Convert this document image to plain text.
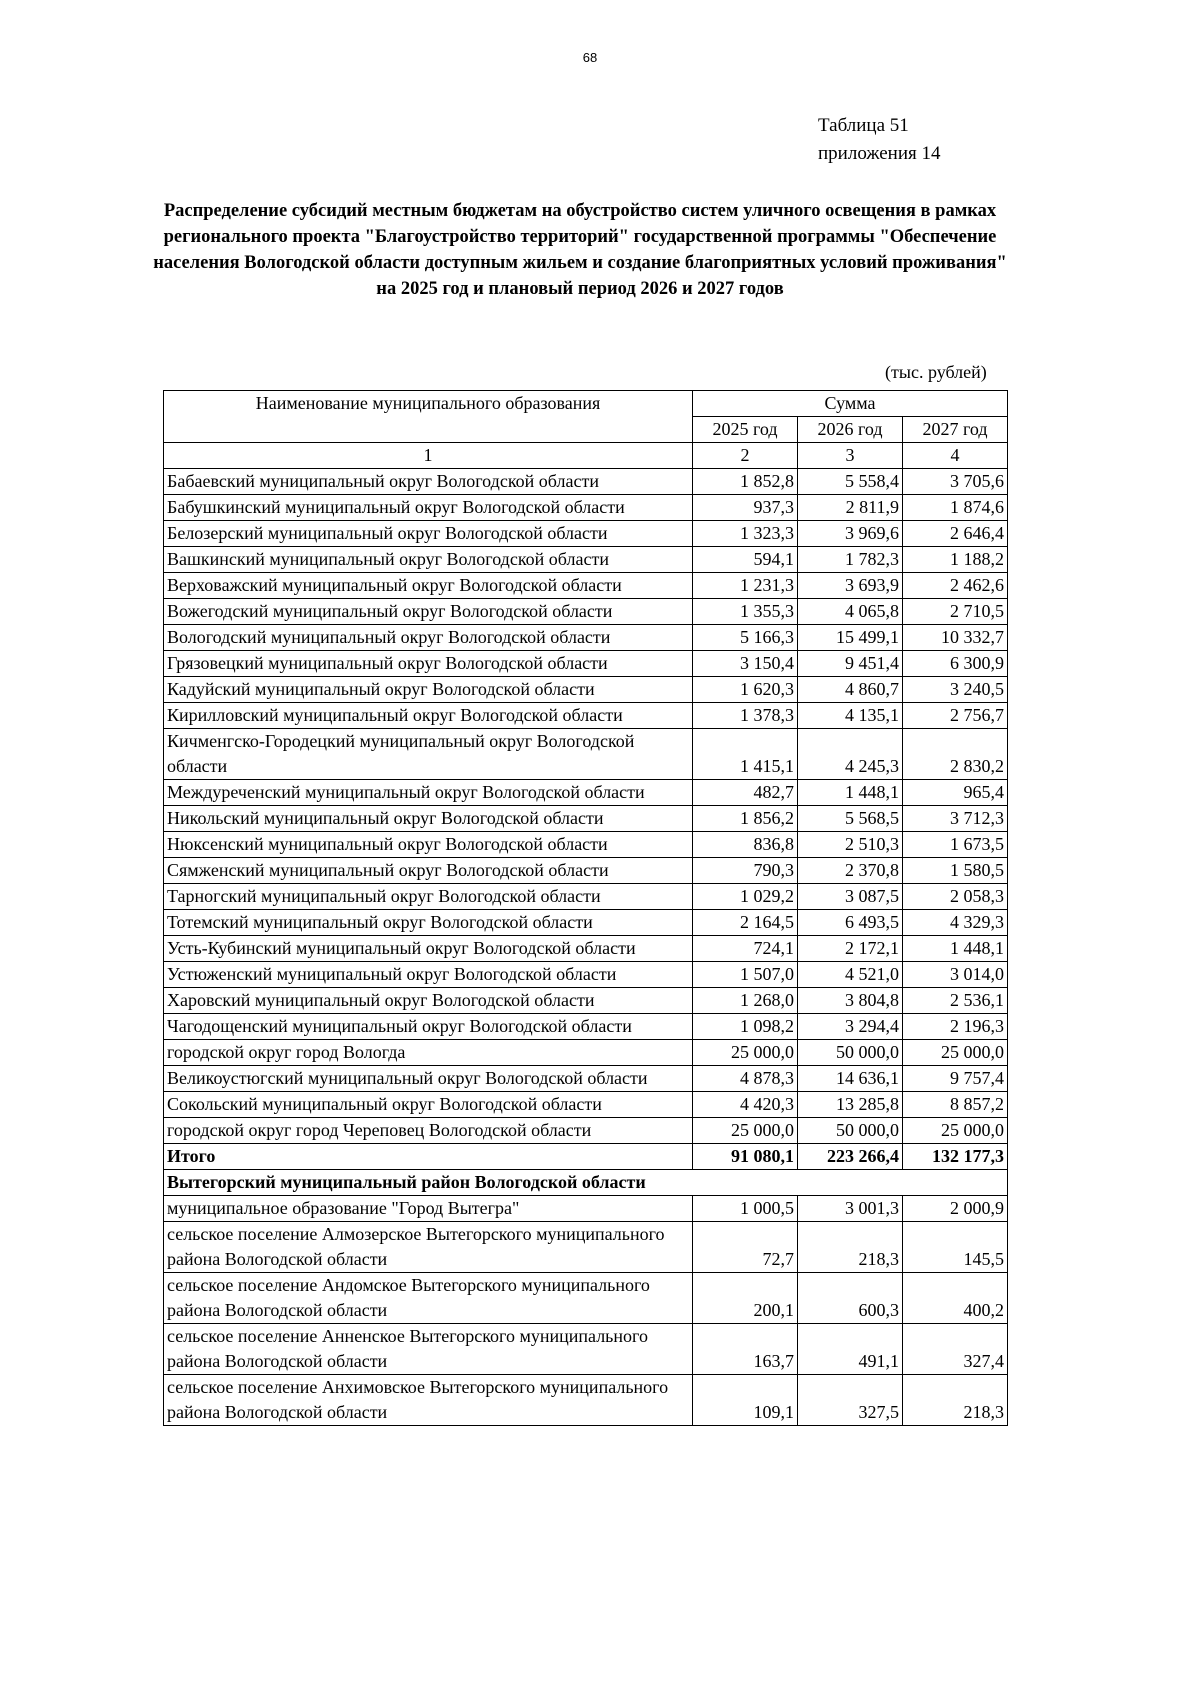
68
Таблица 51
приложения 14
Распределение субсидий местным бюджетам на обустройство систем уличного освещения в рамках регионального проекта "Благоустройство территорий" государственной программы "Обеспечение населения Вологодской области доступным жильем и создание благоприятных условий проживания"
на 2025 год и плановый период 2026 и 2027 годов
(тыс. рублей)
Наименование муниципального образования	Сумма		
	2025 год	2026 год	2027 год
1	2	3	4
Бабаевский муниципальный округ Вологодской области	1 852,8	5 558,4	3 705,6
Бабушкинский муниципальный округ Вологодской области	937,3	2 811,9	1 874,6
Белозерский муниципальный округ Вологодской области	1 323,3	3 969,6	2 646,4
Вашкинский муниципальный округ Вологодской области	594,1	1 782,3	1 188,2
Верховажский муниципальный округ Вологодской области	1 231,3	3 693,9	2 462,6
Вожегодский муниципальный округ Вологодской области	1 355,3	4 065,8	2 710,5
Вологодский муниципальный округ Вологодской области	5 166,3	15 499,1	10 332,7
Грязовецкий муниципальный округ Вологодской области	3 150,4	9 451,4	6 300,9
Кадуйский муниципальный округ Вологодской области	1 620,3	4 860,7	3 240,5
Кирилловский муниципальный округ Вологодской области	1 378,3	4 135,1	2 756,7
Кичменгско-Городецкий муниципальный округ Вологодской области	1 415,1	4 245,3	2 830,2
Междуреченский муниципальный округ Вологодской области	482,7	1 448,1	965,4
Никольский муниципальный округ Вологодской области	1 856,2	5 568,5	3 712,3
Нюксенский муниципальный округ Вологодской области	836,8	2 510,3	1 673,5
Сямженский муниципальный округ Вологодской области	790,3	2 370,8	1 580,5
Тарногский муниципальный округ Вологодской области	1 029,2	3 087,5	2 058,3
Тотемский муниципальный округ Вологодской области	2 164,5	6 493,5	4 329,3
Усть-Кубинский муниципальный округ Вологодской области	724,1	2 172,1	1 448,1
Устюженский муниципальный округ Вологодской области	1 507,0	4 521,0	3 014,0
Харовский муниципальный округ Вологодской области	1 268,0	3 804,8	2 536,1
Чагодощенский муниципальный округ Вологодской области	1 098,2	3 294,4	2 196,3
городской округ город Вологда	25 000,0	50 000,0	25 000,0
Великоустюгский муниципальный округ Вологодской области	4 878,3	14 636,1	9 757,4
Сокольский муниципальный округ Вологодской области	4 420,3	13 285,8	8 857,2
городской округ город Череповец Вологодской области	25 000,0	50 000,0	25 000,0
Итого	91 080,1	223 266,4	132 177,3
Вытегорский муниципальный район Вологодской области			
муниципальное образование "Город Вытегра"	1 000,5	3 001,3	2 000,9
сельское поселение Алмозерское Вытегорского муниципального района Вологодской области	72,7	218,3	145,5
сельское поселение Андомское Вытегорского муниципального района Вологодской области	200,1	600,3	400,2
сельское поселение Анненское Вытегорского муниципального района Вологодской области	163,7	491,1	327,4
сельское поселение Анхимовское Вытегорского муниципального района Вологодской области	109,1	327,5	218,3
